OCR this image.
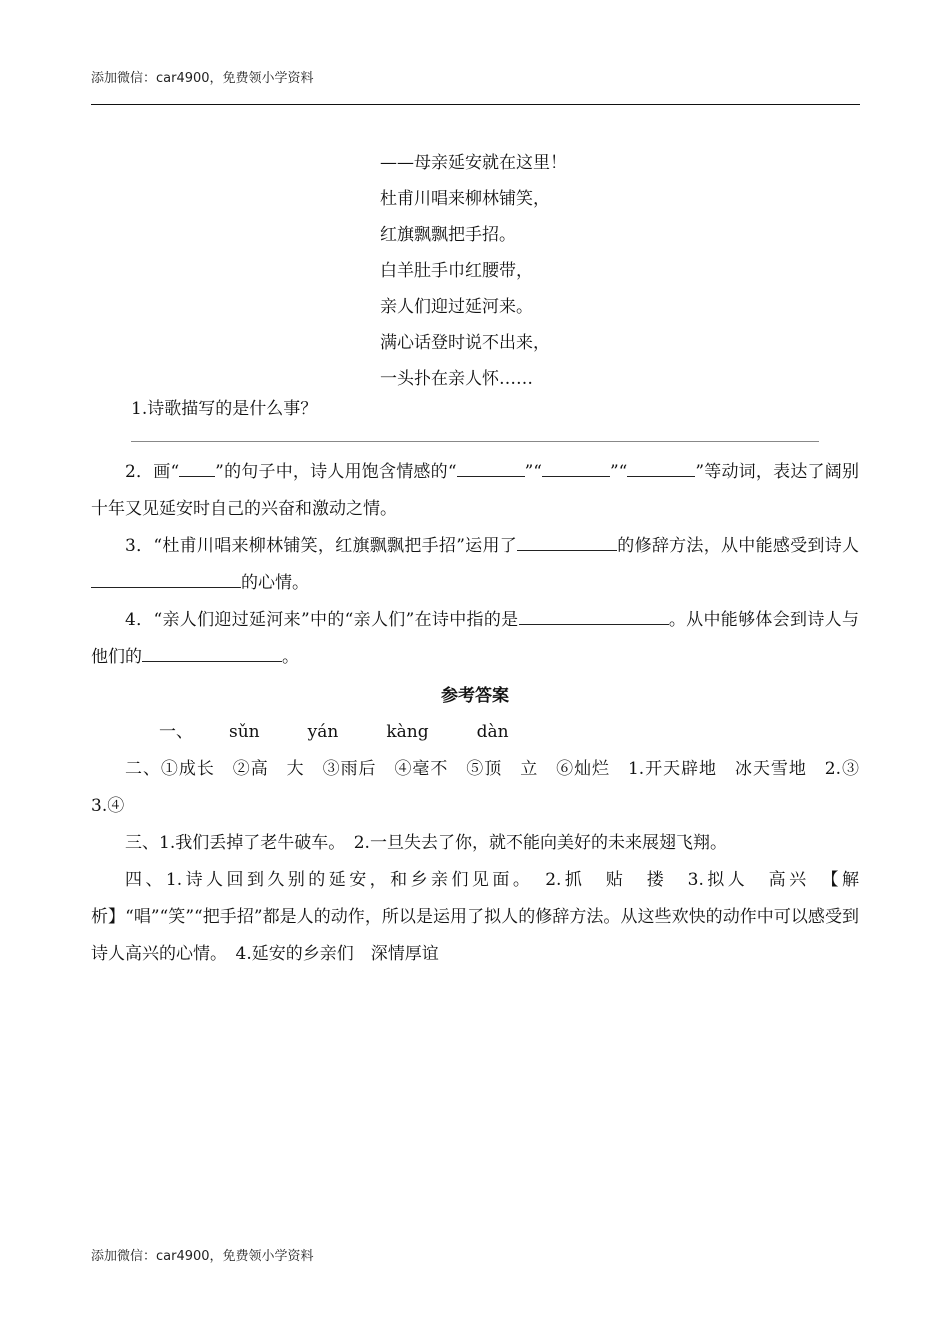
添加微信：car4900，免费领小学资料
——母亲延安就在这里！
杜甫川唱来柳林铺笑，
红旗飘飘把手招。
白羊肚手巾红腰带，
亲人们迎过延河来。
满心话登时说不出来，
一头扑在亲人怀……
1.诗歌描写的是什么事？

2．画“ ”的句子中，诗人用饱含情感的“	”“	”“	”等动词，表达了阔别十年又见延安时自己的兴奋和激动之情。

3．“杜甫川唱来柳林铺笑，红旗飘飘把手招”运用了	的修辞方法，从中能感受到诗人的心情。

4．“亲人们迎过延河来”中的“亲人们”在诗中指的是	。从中能够体会到诗人与他们的	。

参考答案

一、 sǔn	yán	kàng	dàn

二、①成长　②高　大　③雨后　④毫不　⑤顶　立　⑥灿烂　1.开天辟地　冰天雪地　2.③　3.④

三、1.我们丢掉了老牛破车。　2.一旦失去了你，就不能向美好的未来展翅飞翔。

四、1.诗人回到久别的延安，和乡亲们见面。　2.抓　贴　搂　3.拟人　高兴　【解析】“唱”“笑”“把手招”都是人的动作，所以是运用了拟人的修辞方法。从这些欢快的动作中可以感受到诗人高兴的心情。　4.延安的乡亲们　深情厚谊

添加微信：car4900，免费领小学资料
